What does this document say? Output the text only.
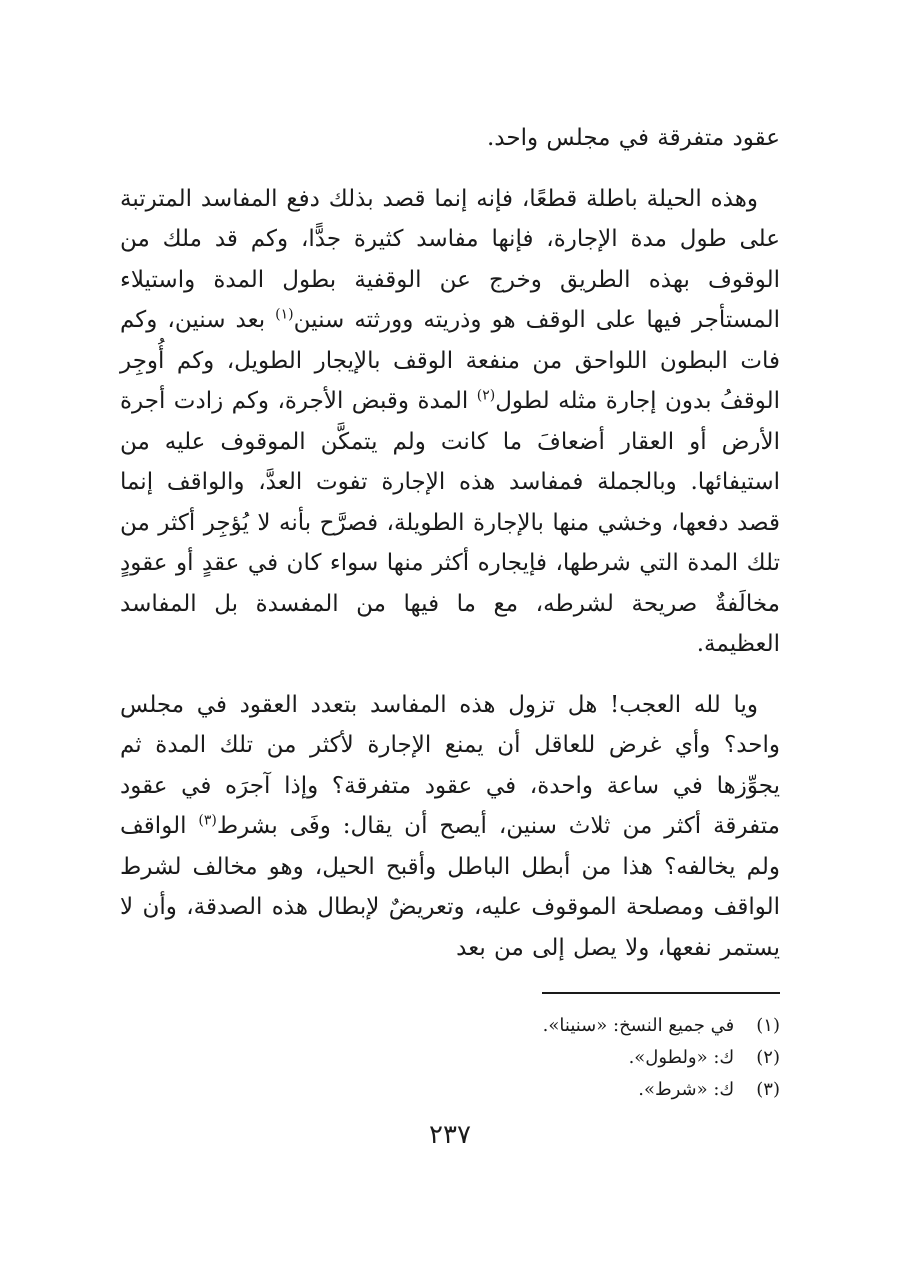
عقود متفرقة في مجلس واحد.

وهذه الحيلة باطلة قطعًا، فإنه إنما قصد بذلك دفع المفاسد المترتبة على طول مدة الإجارة، فإنها مفاسد كثيرة جدًّا، وكم قد ملك من الوقوف بهذه الطريق وخرج عن الوقفية بطول المدة واستيلاء المستأجر فيها على الوقف هو وذريته وورثته سنين$^{(١)}$ بعد سنين، وكم فات البطون اللواحق من منفعة الوقف بالإيجار الطويل، وكم أُوجِر الوقفُ بدون إجارة مثله لطول$^{(٢)}$ المدة وقبض الأجرة، وكم زادت أجرة الأرض أو العقار أضعافَ ما كانت ولم يتمكَّن الموقوف عليه من استيفائها. وبالجملة فمفاسد هذه الإجارة تفوت العدَّ، والواقف إنما قصد دفعها، وخشي منها بالإجارة الطويلة، فصرَّح بأنه لا يُؤجِر أكثر من تلك المدة التي شرطها، فإيجاره أكثر منها سواء كان في عقدٍ أو عقودٍ مخالَفةٌ صريحة لشرطه، مع ما فيها من المفسدة بل المفاسد العظيمة.

ويا لله العجب! هل تزول هذه المفاسد بتعدد العقود في مجلس واحد؟ وأي غرض للعاقل أن يمنع الإجارة لأكثر من تلك المدة ثم يجوِّزها في ساعة واحدة، في عقود متفرقة؟ وإذا آجرَه في عقود متفرقة أكثر من ثلاث سنين، أيصح أن يقال: وفَى بشرط$^{(٣)}$ الواقف ولم يخالفه؟ هذا من أبطل الباطل وأقبح الحيل، وهو مخالف لشرط الواقف ومصلحة الموقوف عليه، وتعريضٌ لإبطال هذه الصدقة، وأن لا يستمر نفعها، ولا يصل إلى من بعد

(١) في جميع النسخ: «سنينا».
(٢) ك: «ولطول».
(٣) ك: «شرط».
٢٣٧
